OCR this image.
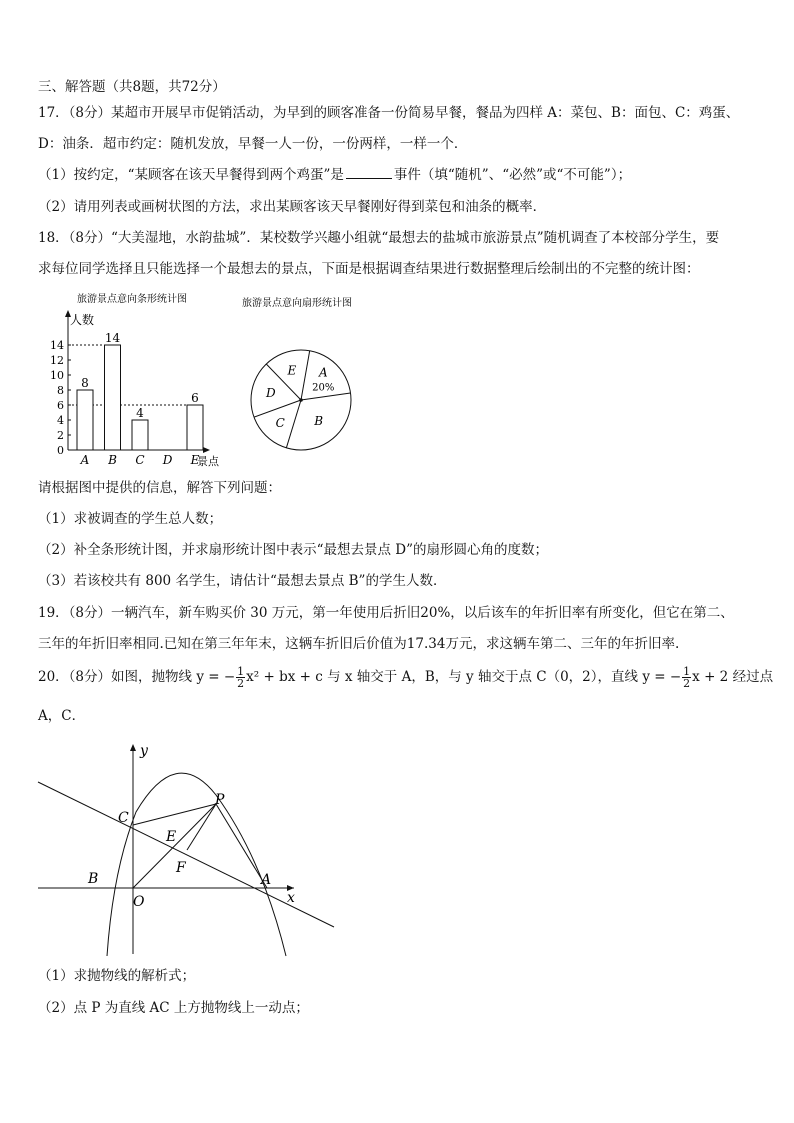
三、解答题（共8题，共72分）
17．（8分）某超市开展早市促销活动，为早到的顾客准备一份简易早餐，餐品为四样 A：菜包、B：面包、C：鸡蛋、
D：油条．超市约定：随机发放，早餐一人一份，一份两样，一样一个．
（1）按约定，“某顾客在该天早餐得到两个鸡蛋”是	事件（填“随机”、“必然”或“不可能”）；
（2）请用列表或画树状图的方法，求出某顾客该天早餐刚好得到菜包和油条的概率．
18．（8分）“大美湿地，水韵盐城”．某校数学兴趣小组就“最想去的盐城市旅游景点”随机调查了本校部分学生，要
求每位同学选择且只能选择一个最想去的景点，下面是根据调查结果进行数据整理后绘制出的不完整的统计图：
旅游景点意向条形统计图
人数
景点
0
2
4
6
8
10
12
14
8
A
14
B
4
C D
6
E
旅游景点意向扇形统计图
A
20%
B
C
D
E
请根据图中提供的信息，解答下列问题：
（1）求被调查的学生总人数；
（2）补全条形统计图，并求扇形统计图中表示“最想去景点 D”的扇形圆心角的度数；
（3）若该校共有 800 名学生，请估计“最想去景点 B”的学生人数．
19．（8分）一辆汽车，新车购买价 30 万元，第一年使用后折旧20%，以后该车的年折旧率有所变化，但它在第二、
三年的年折旧率相同.已知在第三年年末，这辆车折旧后价值为17.34万元，求这辆车第二、三年的年折旧率.
20．（8分）如图，抛物线 y = − $\frac{1}{2} x^2$ + bx + c 与 x 轴交于 A，B，与 y 轴交于点 C（0，2），直线 y = − $\frac{1}{2}$ x + 2 经过点
A，C．
y
x
C
P
E
F
B
O
A
（1）求抛物线的解析式；
（2）点 P 为直线 AC 上方抛物线上一动点；
